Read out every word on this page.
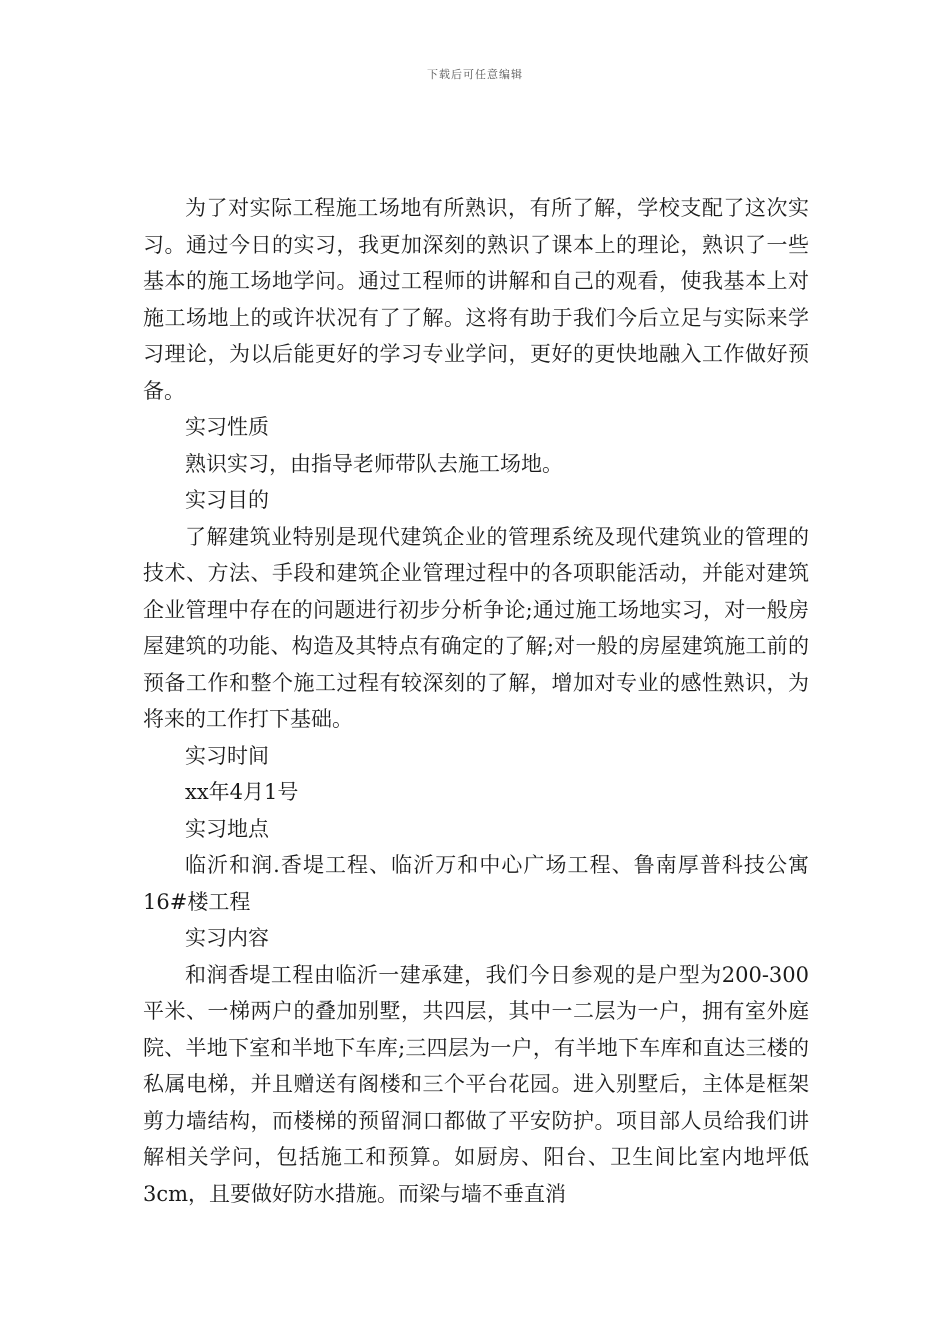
下载后可任意编辑

为了对实际工程施工场地有所熟识，有所了解，学校支配了这次实习。通过今日的实习，我更加深刻的熟识了课本上的理论，熟识了一些基本的施工场地学问。通过工程师的讲解和自己的观看，使我基本上对施工场地上的或许状况有了了解。这将有助于我们今后立足与实际来学习理论，为以后能更好的学习专业学问，更好的更快地融入工作做好预备。

实习性质

熟识实习，由指导老师带队去施工场地。

实习目的

了解建筑业特别是现代建筑企业的管理系统及现代建筑业的管理的技术、方法、手段和建筑企业管理过程中的各项职能活动，并能对建筑企业管理中存在的问题进行初步分析争论;通过施工场地实习，对一般房屋建筑的功能、构造及其特点有确定的了解;对一般的房屋建筑施工前的预备工作和整个施工过程有较深刻的了解，增加对专业的感性熟识，为将来的工作打下基础。

实习时间

xx年4月1号

实习地点

临沂和润.香堤工程、临沂万和中心广场工程、鲁南厚普科技公寓16#楼工程

实习内容

和润香堤工程由临沂一建承建，我们今日参观的是户型为200-300平米、一梯两户的叠加别墅，共四层，其中一二层为一户，拥有室外庭院、半地下室和半地下车库;三四层为一户，有半地下车库和直达三楼的私属电梯，并且赠送有阁楼和三个平台花园。进入别墅后，主体是框架剪力墙结构，而楼梯的预留洞口都做了平安防护。项目部人员给我们讲解相关学问，包括施工和预算。如厨房、阳台、卫生间比室内地坪低3cm，且要做好防水措施。而梁与墙不垂直消
